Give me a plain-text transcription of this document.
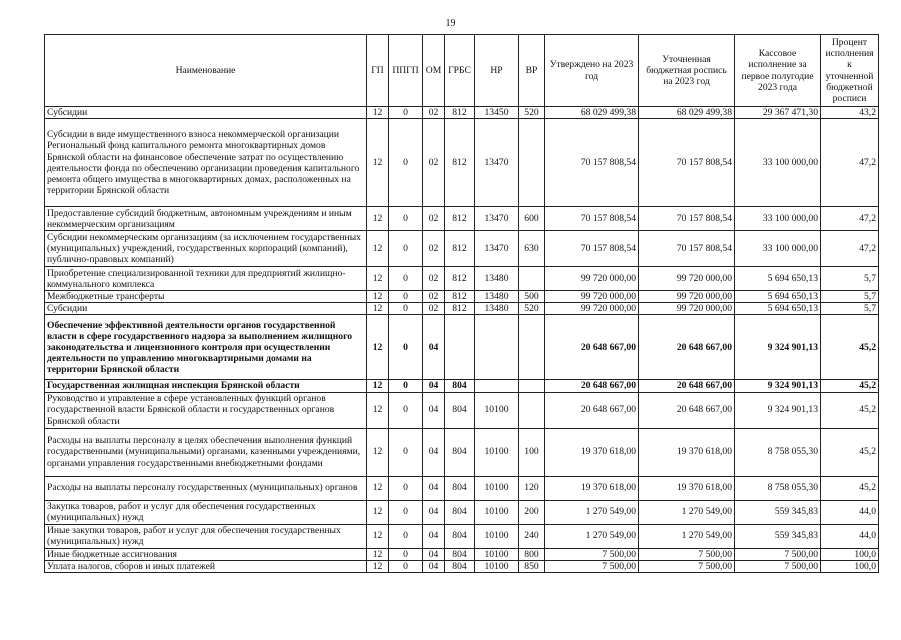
19
Наименование	ГП	ППГП	ОМ	ГРБС	НР	ВР	Утверждено на 2023 год	Уточненная бюджетная роспись на 2023 год	Кассовое исполнение за первое полугодие 2023 года	Процент исполнения к уточненной бюджетной росписи
Субсидии	12	0	02	812	13450	520	68 029 499,38	68 029 499,38	29 367 471,30	43,2
Субсидии в виде имущественного взноса некоммерческой организации Региональный фонд капитального ремонта многоквартирных домов Брянской области на финансовое обеспечение затрат по осуществлению деятельности фонда по обеспечению организации проведения капитального ремонта общего имущества в многоквартирных домах, расположенных на территории Брянской области	12	0	02	812	13470		70 157 808,54	70 157 808,54	33 100 000,00	47,2
Предоставление субсидий бюджетным, автономным учреждениям и иным некоммерческим организациям	12	0	02	812	13470	600	70 157 808,54	70 157 808,54	33 100 000,00	47,2
Субсидии некоммерческим организациям (за исключением государственных (муниципальных) учреждений, государственных корпораций (компаний), публично-правовых компаний)	12	0	02	812	13470	630	70 157 808,54	70 157 808,54	33 100 000,00	47,2
Приобретение специализированной техники для предприятий жилищно-коммунального комплекса	12	0	02	812	13480		99 720 000,00	99 720 000,00	5 694 650,13	5,7
Межбюджетные трансферты	12	0	02	812	13480	500	99 720 000,00	99 720 000,00	5 694 650,13	5,7
Субсидии	12	0	02	812	13480	520	99 720 000,00	99 720 000,00	5 694 650,13	5,7
Обеспечение эффективной деятельности органов государственной власти в сфере государственного надзора за выполнением жилищного законодательства и лицензионного контроля при осуществлении деятельности по управлению многоквартирными домами на территории Брянской области	12	0	04				20 648 667,00	20 648 667,00	9 324 901,13	45,2
Государственная жилищная инспекция Брянской области	12	0	04	804			20 648 667,00	20 648 667,00	9 324 901,13	45,2
Руководство и управление в сфере установленных функций органов государственной власти Брянской области и государственных органов Брянской области	12	0	04	804	10100		20 648 667,00	20 648 667,00	9 324 901,13	45,2
Расходы на выплаты персоналу в целях обеспечения выполнения функций государственными (муниципальными) органами, казенными учреждениями, органами управления государственными внебюджетными фондами	12	0	04	804	10100	100	19 370 618,00	19 370 618,00	8 758 055,30	45,2
Расходы на выплаты персоналу государственных (муниципальных) органов	12	0	04	804	10100	120	19 370 618,00	19 370 618,00	8 758 055,30	45,2
Закупка товаров, работ и услуг для обеспечения государственных (муниципальных) нужд	12	0	04	804	10100	200	1 270 549,00	1 270 549,00	559 345,83	44,0
Иные закупки товаров, работ и услуг для обеспечения государственных (муниципальных) нужд	12	0	04	804	10100	240	1 270 549,00	1 270 549,00	559 345,83	44,0
Иные бюджетные ассигнования	12	0	04	804	10100	800	7 500,00	7 500,00	7 500,00	100,0
Уплата налогов, сборов и иных платежей	12	0	04	804	10100	850	7 500,00	7 500,00	7 500,00	100,0
